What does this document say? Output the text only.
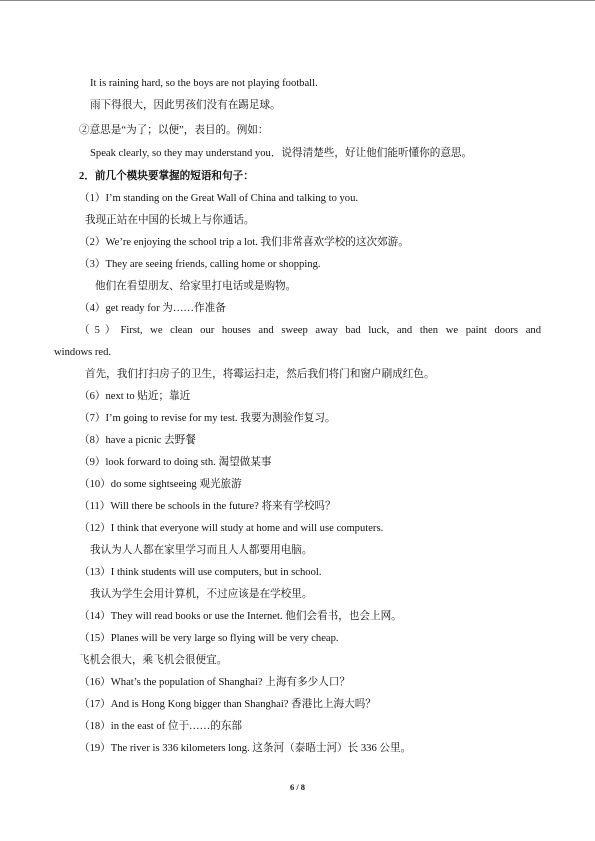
It is raining hard, so the boys are not playing football.
雨下得很大，因此男孩们没有在踢足球。
②意思是“为了；以便”，表目的。例如：
Speak clearly, so they may understand you．说得清楚些，好让他们能听懂你的意思。
2．前几个模块要掌握的短语和句子：
（1）I’m standing on the Great Wall of China and talking to you.
我现正站在中国的长城上与你通话。
（2）We’re enjoying the school trip a lot. 我们非常喜欢学校的这次郊游。
（3）They are seeing friends, calling home or shopping.
他们在看望朋友、给家里打电话或是购物。
（4）get ready for 为……作准备
（5）First, we clean our houses and sweep away bad luck, and then we paint doors and
windows red.
首先，我们打扫房子的卫生，将霉运扫走，然后我们将门和窗户刷成红色。
（6）next to 贴近；靠近
（7）I’m going to revise for my test. 我要为测验作复习。
（8）have a picnic 去野餐
（9）look forward to doing sth. 渴望做某事
（10）do some sightseeing 观光旅游
（11）Will there be schools in the future? 将来有学校吗？
（12）I think that everyone will study at home and will use computers.
我认为人人都在家里学习而且人人都要用电脑。
（13）I think students will use computers, but in school.
我认为学生会用计算机，不过应该是在学校里。
（14）They will read books or use the Internet. 他们会看书，也会上网。
（15）Planes will be very large so flying will be very cheap.
飞机会很大，乘飞机会很便宜。
（16）What’s the population of Shanghai? 上海有多少人口？
（17）And is Hong Kong bigger than Shanghai? 香港比上海大吗？
（18）in the east of 位于……的东部
（19）The river is 336 kilometers long. 这条河（泰晤士河）长 336 公里。
6 / 8
